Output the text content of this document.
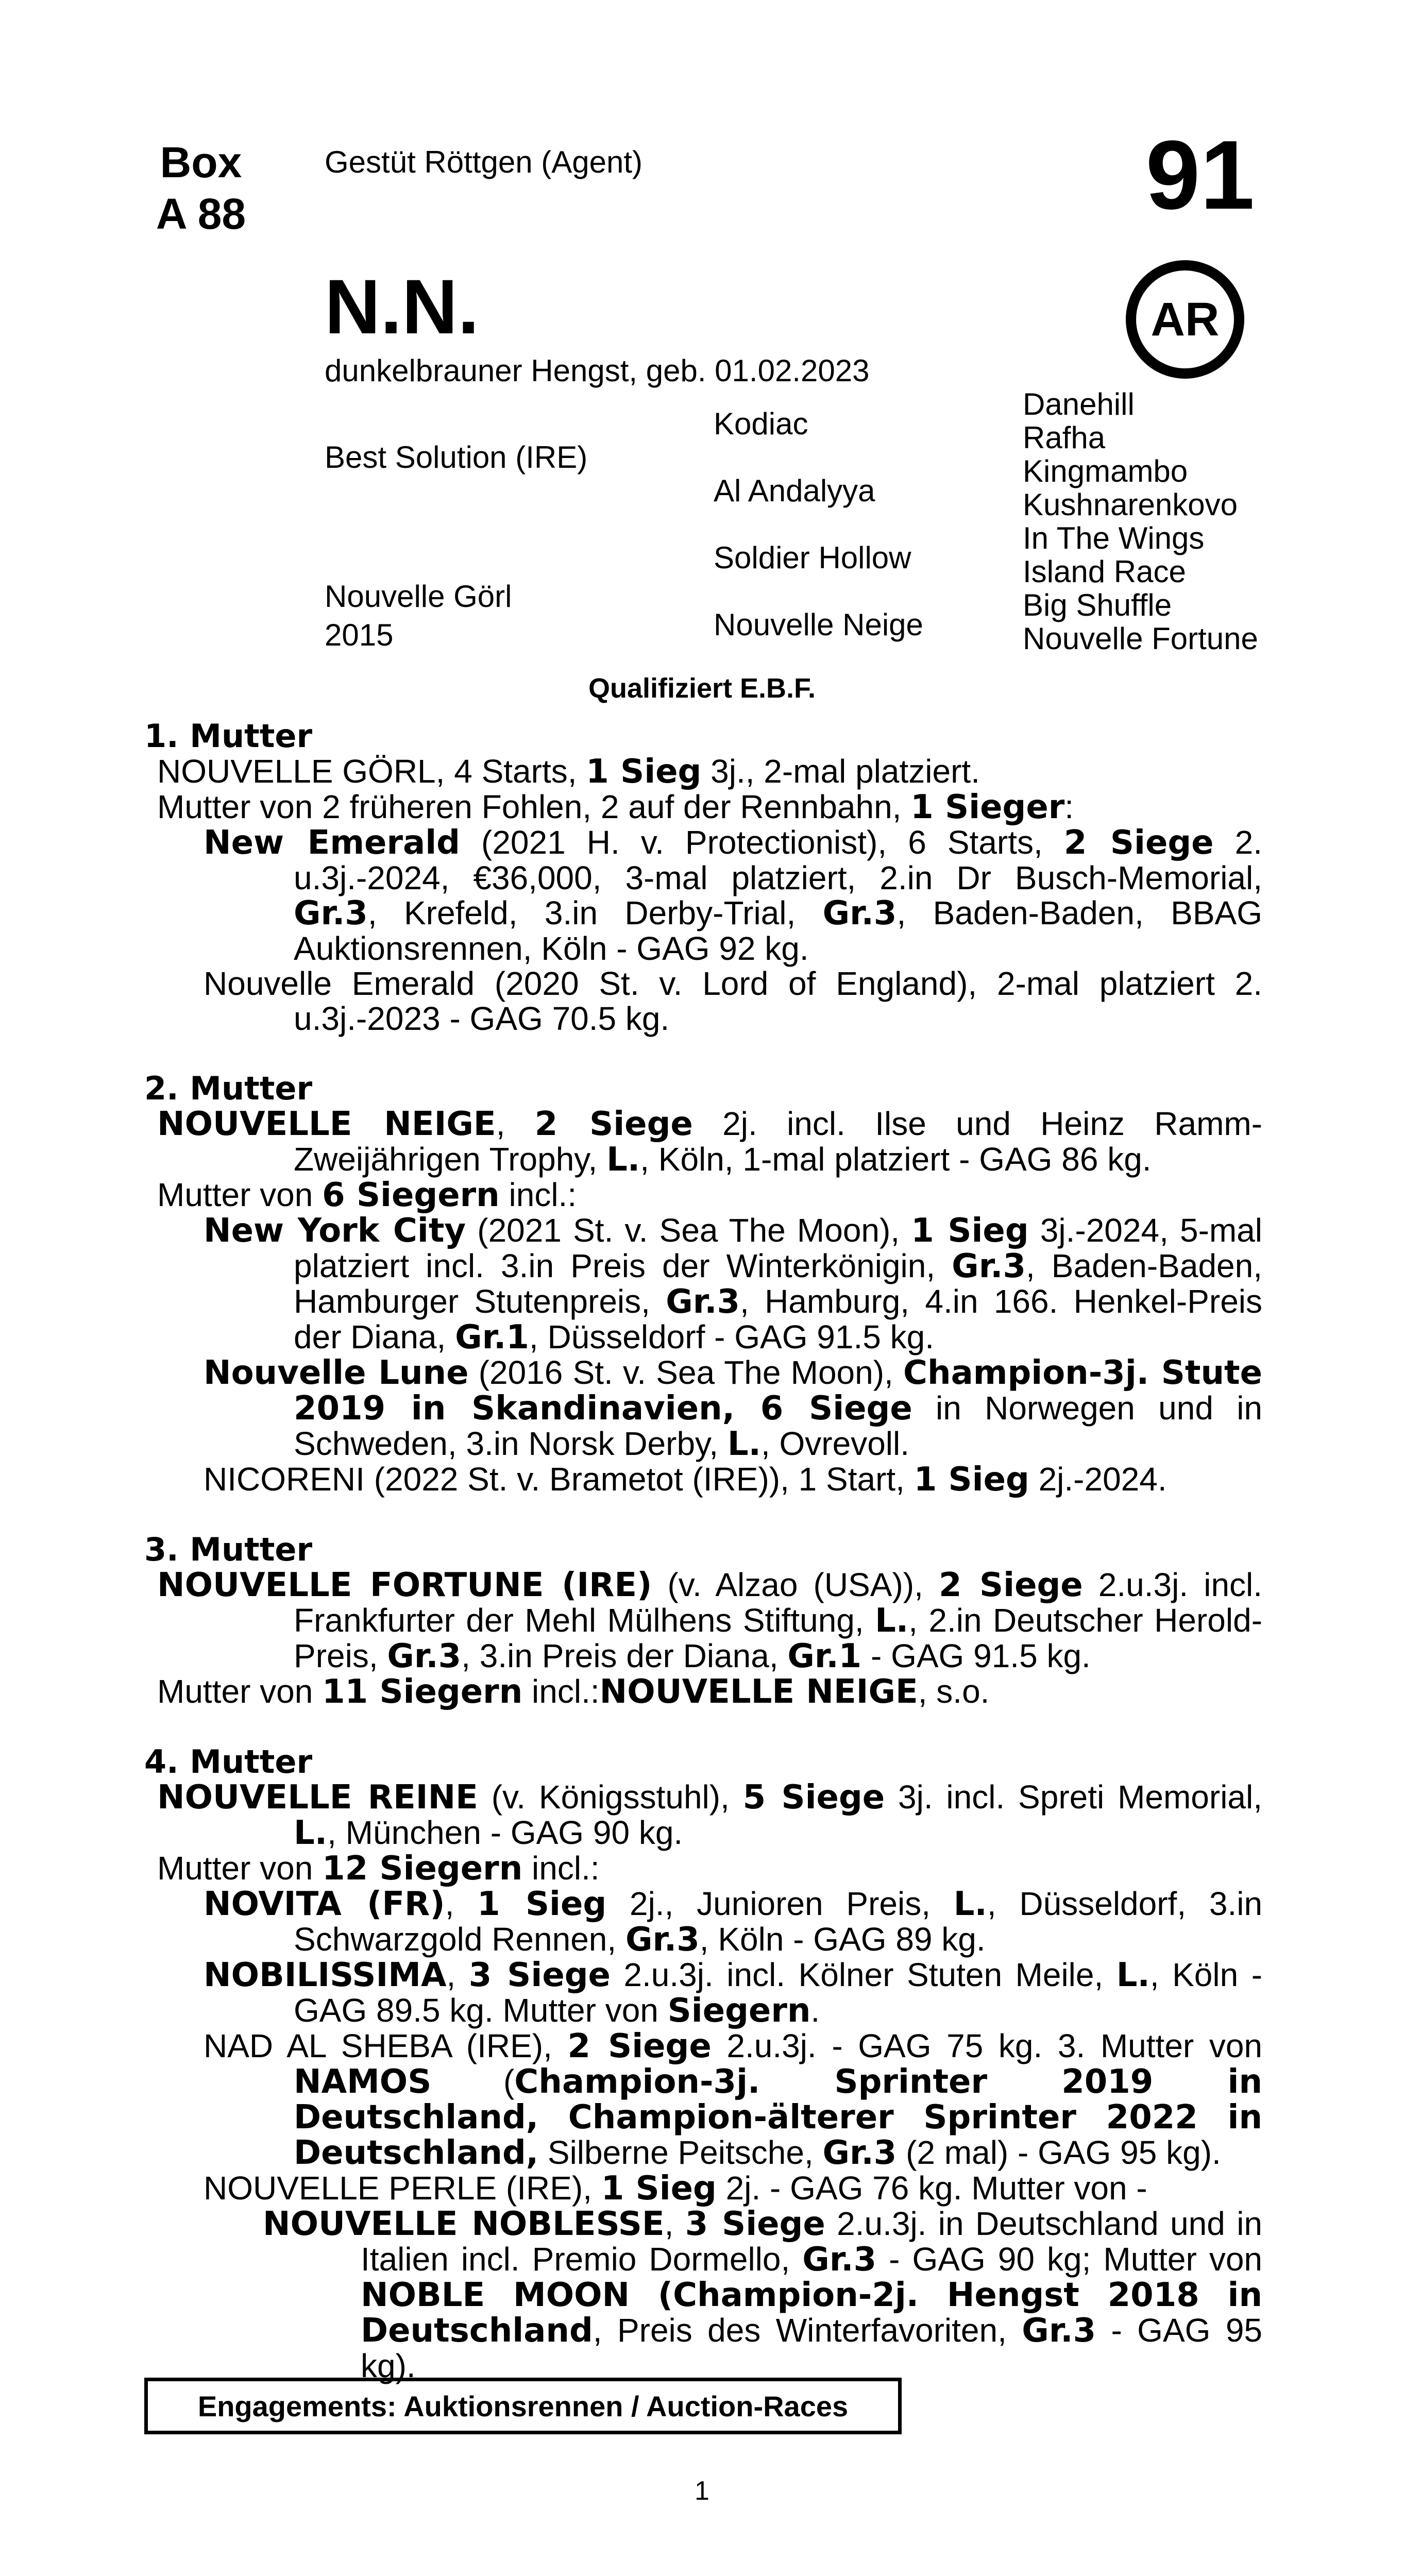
Box
A 88
Gestüt Röttgen (Agent)	91
AR
N.N.
dunkelbrauner Hengst, geb. 01.02.2023
Best Solution (IRE)
Nouvelle Görl
2015
Kodiac
Al Andalyya
Soldier Hollow
Nouvelle Neige
Danehill
Rafha
Kingmambo
Kushnarenkovo
In The Wings
Island Race
Big Shuffle
Nouvelle Fortune
Qualifiziert E.B.F.
1. Mutter
NOUVELLE GÖRL, 4 Starts, 1 Sieg 3j., 2-mal platziert.
Mutter von 2 früheren Fohlen, 2 auf der Rennbahn, 1 Sieger:
New Emerald (2021 H. v. Protectionist), 6 Starts, 2 Siege 2. u.3j.-2024, €36,000, 3-mal platziert, 2.in Dr Busch-Memorial, Gr.3, Krefeld, 3.in Derby-Trial, Gr.3, Baden-Baden, BBAG Auktionsrennen, Köln - GAG 92 kg.
Nouvelle Emerald (2020 St. v. Lord of England), 2-mal platziert 2. u.3j.-2023 - GAG 70.5 kg.
2. Mutter
NOUVELLE NEIGE, 2 Siege 2j. incl. Ilse und Heinz Ramm-Zweijährigen Trophy, L., Köln, 1-mal platziert - GAG 86 kg.
Mutter von 6 Siegern incl.:
New York City (2021 St. v. Sea The Moon), 1 Sieg 3j.-2024, 5-mal platziert incl. 3.in Preis der Winterkönigin, Gr.3, Baden-Baden, Hamburger Stutenpreis, Gr.3, Hamburg, 4.in 166. Henkel-Preis der Diana, Gr.1, Düsseldorf - GAG 91.5 kg.
Nouvelle Lune (2016 St. v. Sea The Moon), Champion-3j. Stute 2019 in Skandinavien, 6 Siege in Norwegen und in Schweden, 3.in Norsk Derby, L., Ovrevoll.
NICORENI (2022 St. v. Brametot (IRE)), 1 Start, 1 Sieg 2j.-2024.
3. Mutter
NOUVELLE FORTUNE (IRE) (v. Alzao (USA)), 2 Siege 2.u.3j. incl. Frankfurter der Mehl Mülhens Stiftung, L., 2.in Deutscher Herold-Preis, Gr.3, 3.in Preis der Diana, Gr.1 - GAG 91.5 kg.
Mutter von 11 Siegern incl.:NOUVELLE NEIGE, s.o.
4. Mutter
NOUVELLE REINE (v. Königsstuhl), 5 Siege 3j. incl. Spreti Memorial, L., München - GAG 90 kg.
Mutter von 12 Siegern incl.:
NOVITA (FR), 1 Sieg 2j., Junioren Preis, L., Düsseldorf, 3.in Schwarzgold Rennen, Gr.3, Köln - GAG 89 kg.
NOBILISSIMA, 3 Siege 2.u.3j. incl. Kölner Stuten Meile, L., Köln - GAG 89.5 kg. Mutter von Siegern.
NAD AL SHEBA (IRE), 2 Siege 2.u.3j. - GAG 75 kg. 3. Mutter von NAMOS (Champion-3j. Sprinter 2019 in Deutschland, Champion-älterer Sprinter 2022 in Deutschland, Silberne Peitsche, Gr.3 (2 mal) - GAG 95 kg).
NOUVELLE PERLE (IRE), 1 Sieg 2j. - GAG 76 kg. Mutter von -
NOUVELLE NOBLESSE, 3 Siege 2.u.3j. in Deutschland und in Italien incl. Premio Dormello, Gr.3 - GAG 90 kg; Mutter von NOBLE MOON (Champion-2j. Hengst 2018 in Deutschland, Preis des Winterfavoriten, Gr.3 - GAG 95 kg).
Engagements: Auktionsrennen / Auction-Races
1
